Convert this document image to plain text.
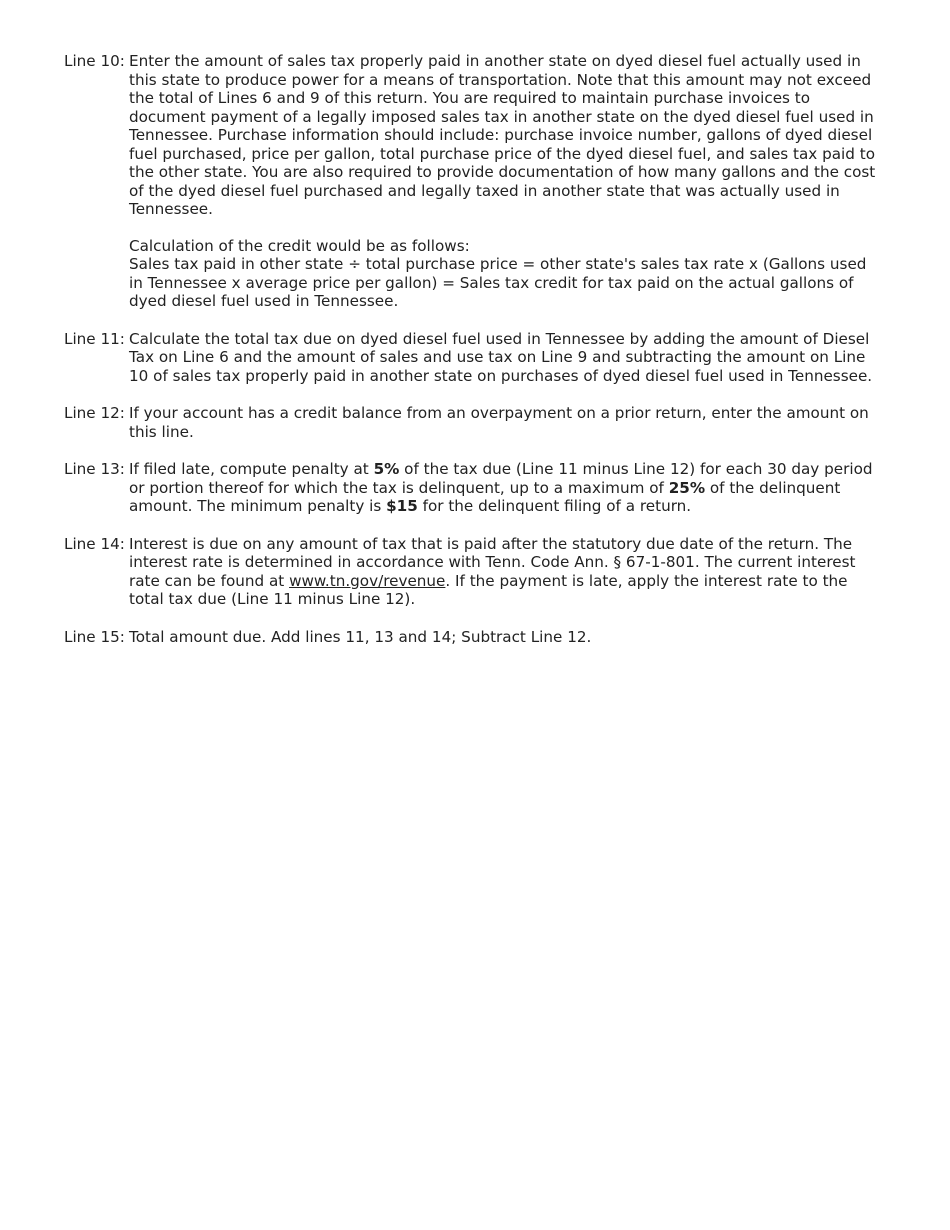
Line 10: Enter the amount of sales tax properly paid in another state on dyed diesel fuel actually used in this state to produce power for a means of transportation. Note that this amount may not exceed the total of Lines 6 and 9 of this return. You are required to maintain purchase invoices to document payment of a legally imposed sales tax in another state on the dyed diesel fuel used in Tennessee. Purchase information should include: purchase invoice number, gallons of dyed diesel fuel purchased, price per gallon, total purchase price of the dyed diesel fuel, and sales tax paid to the other state. You are also required to provide documentation of how many gallons and the cost of the dyed diesel fuel purchased and legally taxed in another state that was actually used in Tennessee.

Calculation of the credit would be as follows:

Sales tax paid in other state ÷ total purchase price = other state's sales tax rate x (Gallons used in Tennessee x average price per gallon) = Sales tax credit for tax paid on the actual gallons of dyed diesel fuel used in Tennessee.

Line 11: Calculate the total tax due on dyed diesel fuel used in Tennessee by adding the amount of Diesel Tax on Line 6 and the amount of sales and use tax on Line 9 and subtracting the amount on Line 10 of sales tax properly paid in another state on purchases of dyed diesel fuel used in Tennessee.
Line 12: If your account has a credit balance from an overpayment on a prior return, enter the amount on this line.
Line 13: If filed late, compute penalty at 5% of the tax due (Line 11 minus Line 12) for each 30 day period or portion thereof for which the tax is delinquent, up to a maximum of 25% of the delinquent amount. The minimum penalty is $15 for the delinquent filing of a return.
Line 14: Interest is due on any amount of tax that is paid after the statutory due date of the return. The interest rate is determined in accordance with Tenn. Code Ann. § 67-1-801. The current interest rate can be found at www.tn.gov/revenue. If the payment is late, apply the interest rate to the total tax due (Line 11 minus Line 12).
Line 15: Total amount due. Add lines 11, 13 and 14; Subtract Line 12.
